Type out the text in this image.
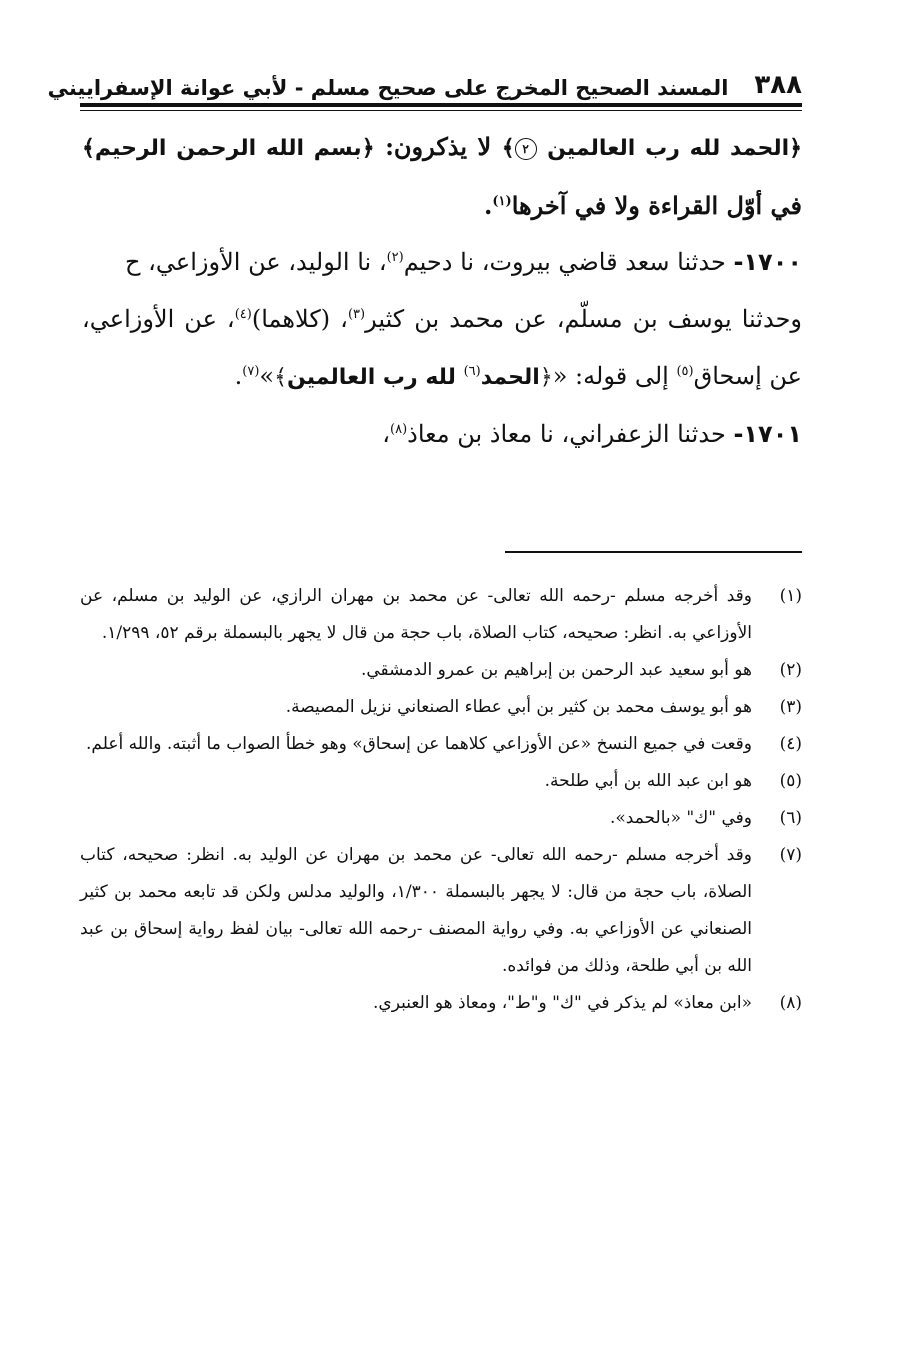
٣٨٨
المسند الصحيح المخرج على صحيح مسلم - لأبي عوانة الإسفراييني

﴿الحمد لله رب العالمين ٢﴾ لا يذكرون: ﴿بسم الله الرحمن الرحيم﴾ في أوّل القراءة ولا في آخرها$^{(١)}$.

١٧٠٠- حدثنا سعد قاضي بيروت، نا دحيم$^{(٢)}$، نا الوليد، عن الأوزاعي، ح

وحدثنا يوسف بن مسلّم، عن محمد بن كثير$^{(٣)}$، (كلاهما)$^{(٤)}$، عن الأوزاعي، عن إسحاق$^{(٥)}$ إلى قوله: «﴿الحمد$^{(٦)}$ لله رب العالمين﴾»$^{(٧)}$.

١٧٠١- حدثنا الزعفراني، نا معاذ بن معاذ$^{(٨)}$،

(١)وقد أخرجه مسلم -رحمه الله تعالى- عن محمد بن مهران الرازي، عن الوليد بن مسلم، عن الأوزاعي به. انظر: صحيحه، كتاب الصلاة، باب حجة من قال لا يجهر بالبسملة برقم ٥٢، ١/٢٩٩.

(٢)هو أبو سعيد عبد الرحمن بن إبراهيم بن عمرو الدمشقي.

(٣)هو أبو يوسف محمد بن كثير بن أبي عطاء الصنعاني نزيل المصيصة.

(٤)وقعت في جميع النسخ «عن الأوزاعي كلاهما عن إسحاق» وهو خطأ الصواب ما أثبته. والله أعلم.

(٥)هو ابن عبد الله بن أبي طلحة.

(٦)وفي "ك" «بالحمد».

(٧)وقد أخرجه مسلم -رحمه الله تعالى- عن محمد بن مهران عن الوليد به. انظر: صحيحه، كتاب الصلاة، باب حجة من قال: لا يجهر بالبسملة ١/٣٠٠، والوليد مدلس ولكن قد تابعه محمد بن كثير الصنعاني عن الأوزاعي به. وفي رواية المصنف -رحمه الله تعالى- بيان لفظ رواية إسحاق بن عبد الله بن أبي طلحة، وذلك من فوائده.

(٨)«ابن معاذ» لم يذكر في "ك" و"ط"، ومعاذ هو العنبري.
